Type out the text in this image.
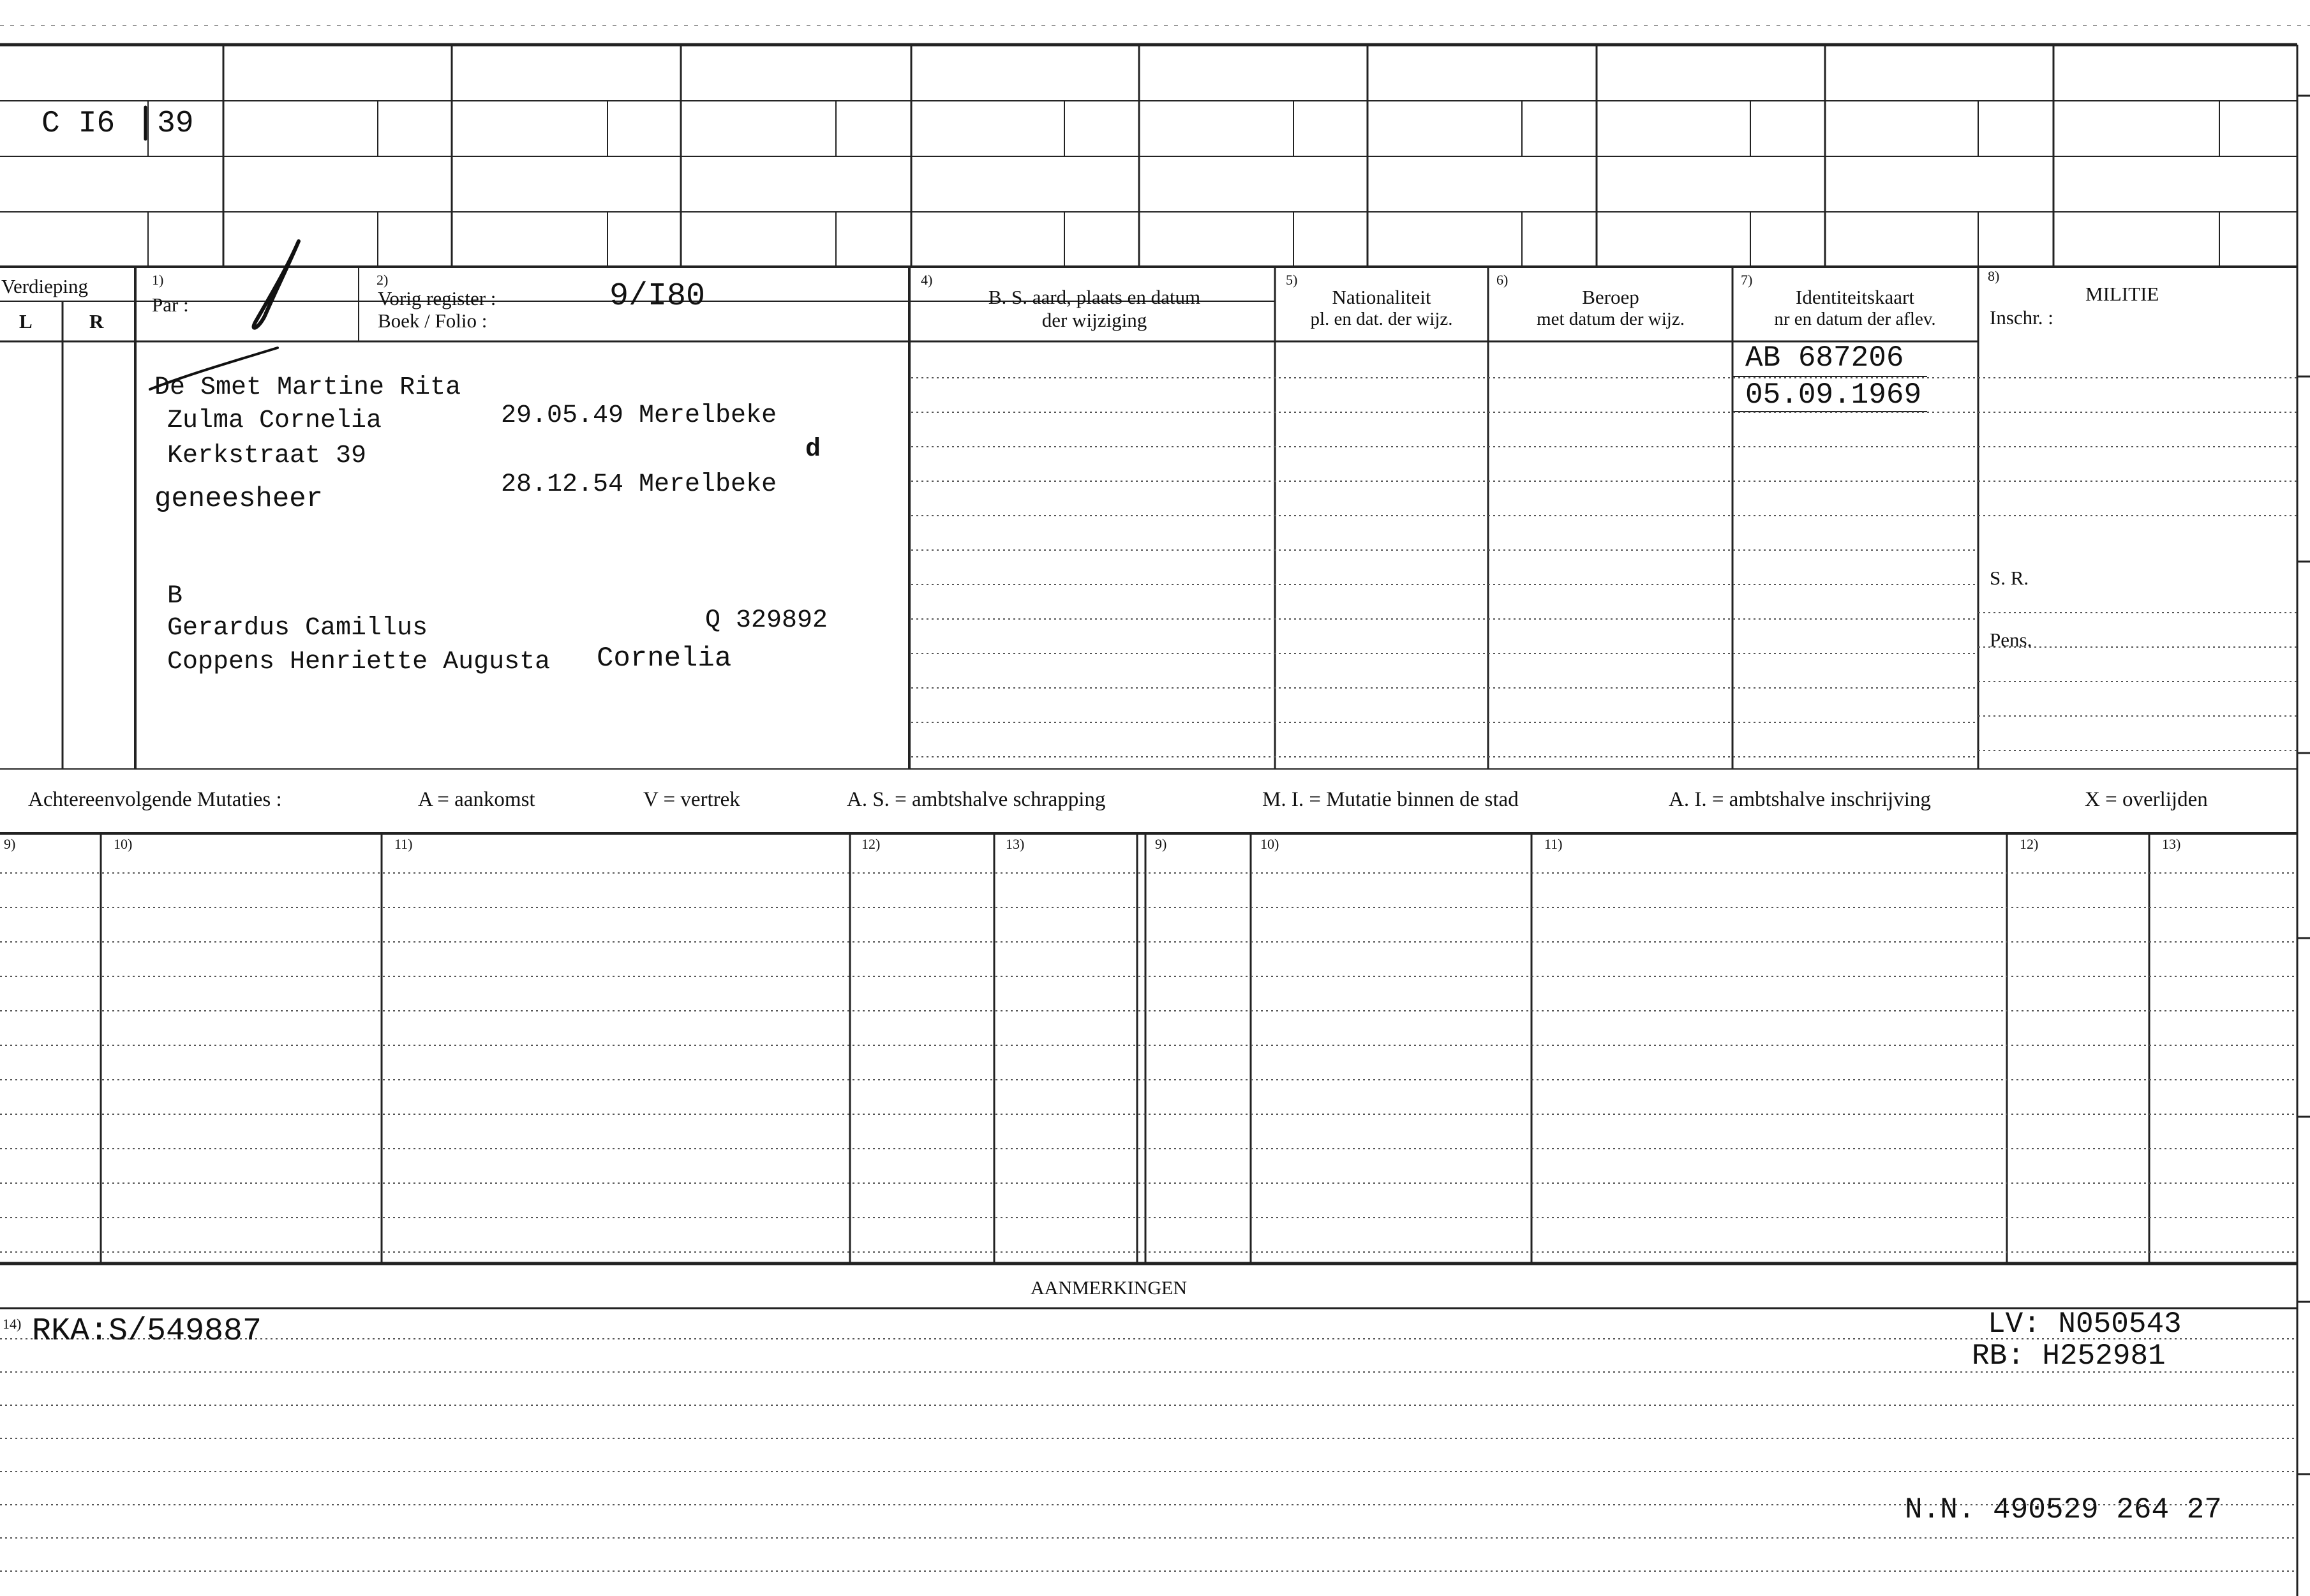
C I6 39
Verdieping
L	R
1)
Par :
2)
Vorig register :
Boek / Folio :
9/I80	4)
B. S. aard, plaats en datum
der wijziging
5)
Nationaliteit
pl. en dat. der wijz.
6)
Beroep
met datum der wijz.
7)
Identiteitskaart
nr en datum der aflev.
8)
MILITIE
Inschr. :
S. R.
Pens.
De Smet Martine Rita
Zulma Cornelia	29.05.49 Merelbeke
Kerkstraat 39	d
geneesheer	28.12.54 Merelbeke
B
Gerardus Camillus	Q 329892
Coppens Henriette Augusta Cornelia
AB 687206
05.09.1969
Achtereenvolgende Mutaties :	A = aankomst	V = vertrek	A. S. = ambtshalve schrapping	M. I. = Mutatie binnen de stad	A. I. = ambtshalve inschrijving	X = overlijden
9)	10)	11)	12)	13)	9)	10)	11)	12)	13)
AANMERKINGEN
14) RKA:S/549887	LV: N050543
RB: H252981
N.N. 490529 264 27
